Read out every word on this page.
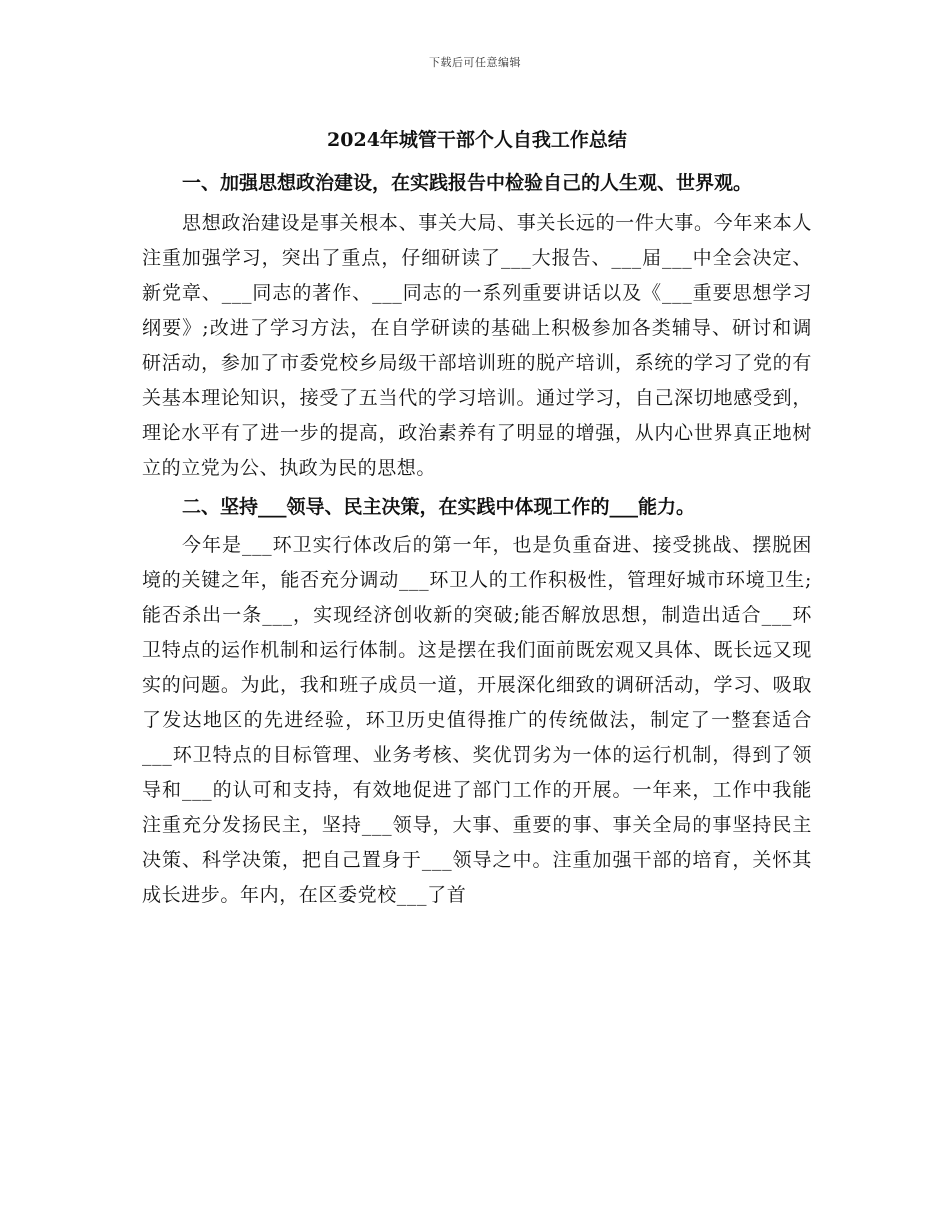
下载后可任意编辑
2024年城管干部个人自我工作总结

一、加强思想政治建设，在实践报告中检验自己的人生观、世界观。

思想政治建设是事关根本、事关大局、事关长远的一件大事。今年来本人注重加强学习，突出了重点，仔细研读了___大报告、___届___中全会决定、新党章、___同志的著作、___同志的一系列重要讲话以及《___重要思想学习纲要》;改进了学习方法，在自学研读的基础上积极参加各类辅导、研讨和调研活动，参加了市委党校乡局级干部培训班的脱产培训，系统的学习了党的有关基本理论知识，接受了五当代的学习培训。通过学习，自己深切地感受到，理论水平有了进一步的提高，政治素养有了明显的增强，从内心世界真正地树立的立党为公、执政为民的思想。

二、坚持___领导、民主决策，在实践中体现工作的___能力。

今年是___环卫实行体改后的第一年，也是负重奋进、接受挑战、摆脱困境的关键之年，能否充分调动___环卫人的工作积极性，管理好城市环境卫生;能否杀出一条___，实现经济创收新的突破;能否解放思想，制造出适合___环卫特点的运作机制和运行体制。这是摆在我们面前既宏观又具体、既长远又现实的问题。为此，我和班子成员一道，开展深化细致的调研活动，学习、吸取了发达地区的先进经验，环卫历史值得推广的传统做法，制定了一整套适合___环卫特点的目标管理、业务考核、奖优罚劣为一体的运行机制，得到了领导和___的认可和支持，有效地促进了部门工作的开展。一年来，工作中我能注重充分发扬民主，坚持___领导，大事、重要的事、事关全局的事坚持民主决策、科学决策，把自己置身于___领导之中。注重加强干部的培育，关怀其成长进步。年内，在区委党校___了首
